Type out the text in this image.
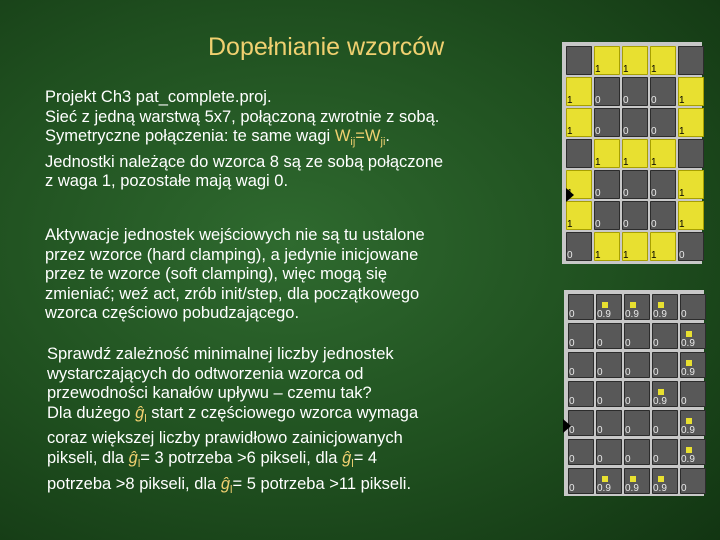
Dopełnianie wzorców
Projekt Ch3 pat_complete.proj.
Sieć z jedną warstwą 5x7, połączoną zwrotnie z sobą.
Symetryczne połączenia: te same wagi $W_{ij}=W_{ji}$.
Jednostki należące do wzorca 8 są ze sobą połączone
z waga 1, pozostałe mają wagi 0.
Aktywacje jednostek wejściowych nie są tu ustalone
przez wzorce (hard clamping), a jedynie inicjowane
przez te wzorce (soft clamping), więc mogą się
zmieniać; weź act, zrób init/step, dla początkowego
wzorca częściowo pobudzającego.
Sprawdź zależność minimalnej liczby jednostek
wystarczających do odtworzenia wzorca od
przewodności kanałów upływu – czemu tak?
Dla dużego $ĝ_l$ start z częściowego wzorca wymaga
coraz większej liczby prawidłowo zainicjowanych
pikseli, dla $ĝ_l= 3$ potrzeba >6 pikseli, dla $ĝ_l= 4$
potrzeba >8 pikseli, dla $ĝ_l= 5$ potrzeba >11 pikseli.
1 1 1
1 0 0 0 1
1 0 0 0 1
1 1 1
1 0 0 0 1
1 0 0 0 1
0 1 1 1 0
0 0.9 0.9 0.9 0
0 0 0 0 0.9
0 0 0 0 0.9
0 0 0 0.9 0
0 0 0 0 0.9
0 0 0 0 0.9
0 0.9 0.9 0.9 0
